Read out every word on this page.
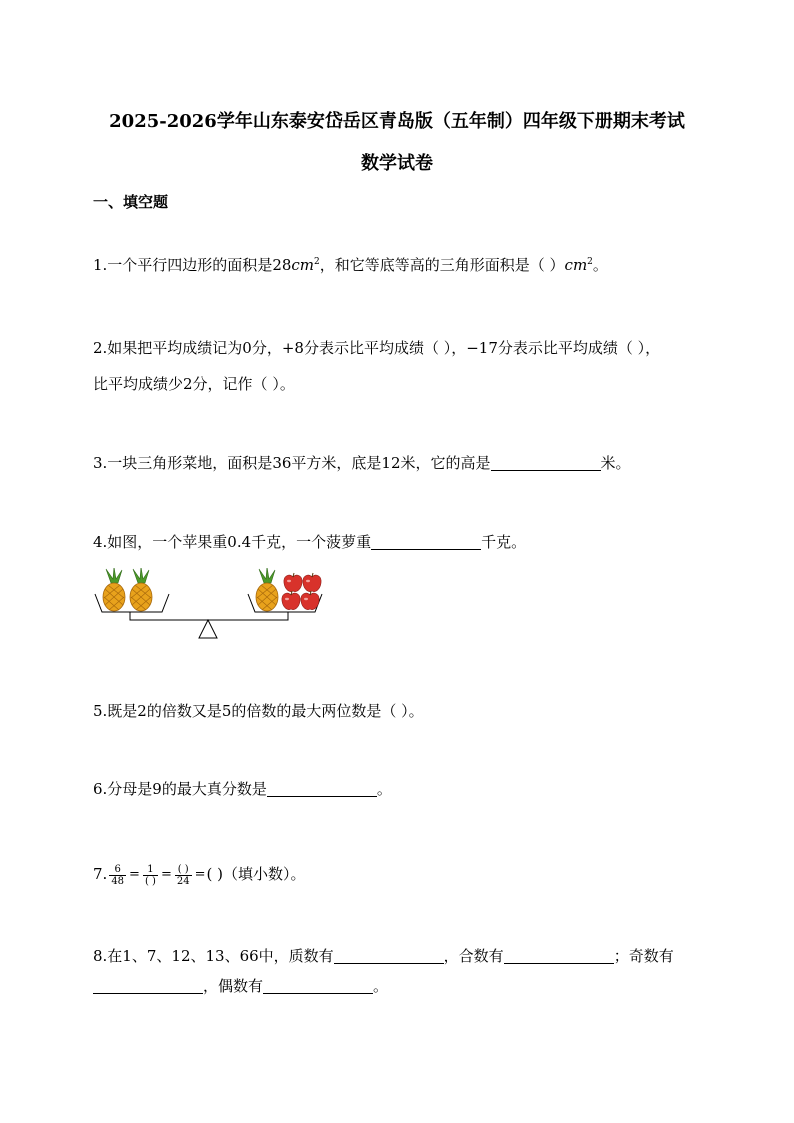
2025-2026学年山东泰安岱岳区青岛版（五年制）四年级下册期末考试
数学试卷
一、填空题
1.一个平行四边形的面积是$28cm^2$，和它等底等高的三角形面积是（ ）$cm^2$。
2.如果把平均成绩记为0分，+8分表示比平均成绩（ ），−17分表示比平均成绩（ ），
比平均成绩少2分，记作（ ）。
3.一块三角形菜地，面积是36平方米，底是12米，它的高是	米。
4.如图，一个苹果重0.4千克，一个菠萝重	千克。
5.既是2的倍数又是5的倍数的最大两位数是（ ）。
6.分母是9的最大真分数是	。
7. $\frac{6}{48} = \frac{1}{( )} = \frac{( )}{24}$ =( )（填小数）。
8.在1、7、12、13、66中，质数有	，合数有	；奇数有
，偶数有	。
